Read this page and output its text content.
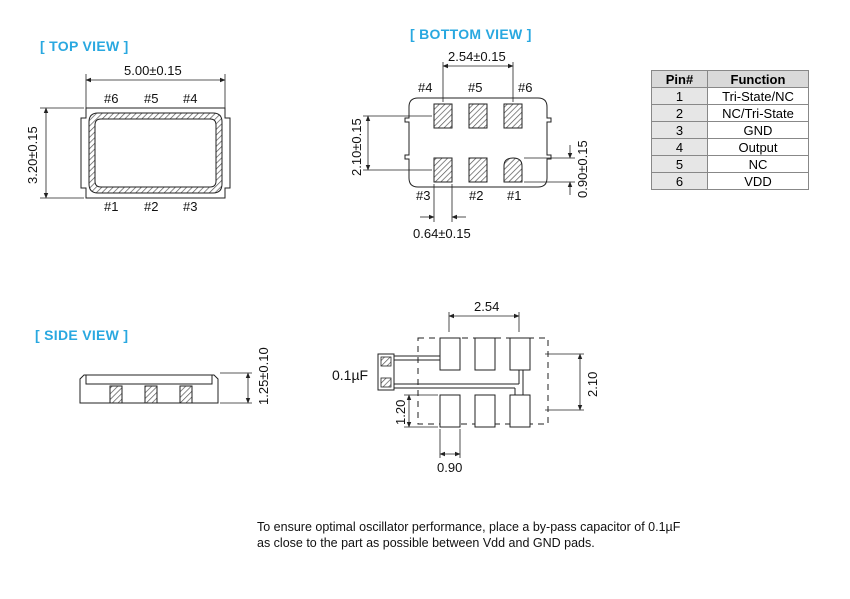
[ TOP VIEW ]
[ BOTTOM VIEW ]
[ SIDE VIEW ]
5.00±0.15
3.20±0.15
#6 #5 #4
#1 #2 #3
2.54±0.15
#4	#5	#6
#3	#2 #1
2.10±0.15	0.90±0.15
0.64±0.15
1.25±0.10
2.54
2.10
1.20
0.90
0.1µF
Pin#	Function
1	Tri-State/NC
2	NC/Tri-State
3	GND
4	Output
5	NC
6	VDD
To ensure optimal oscillator performance, place a by-pass capacitor of 0.1µF
as close to the part as possible between Vdd and GND pads.
